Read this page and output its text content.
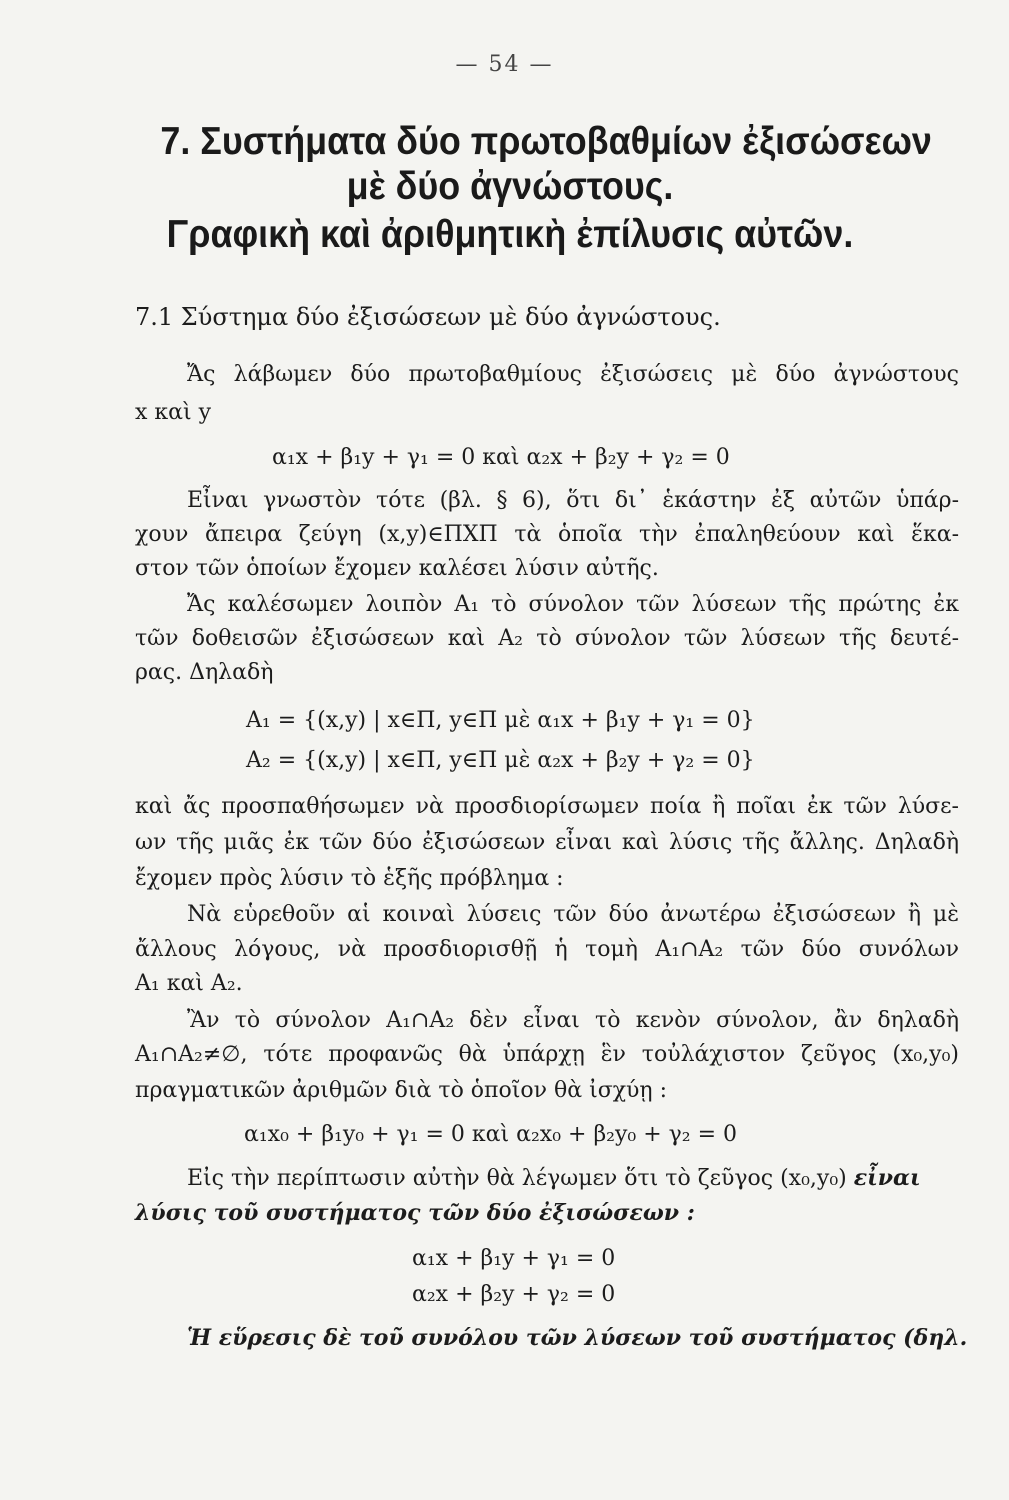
— 54 —
7. Συστήματα δύο πρωτοβαθμίων ἐξισώσεων
μὲ δύο ἀγνώστους.
Γραφικὴ καὶ ἀριθμητικὴ ἐπίλυσις αὐτῶν.
7.1 Σύστημα δύο ἐξισώσεων μὲ δύο ἀγνώστους.
Ἄς λάβωμεν δύο πρωτοβαθμίους ἐξισώσεις μὲ δύο ἀγνώστους
x καὶ y
α₁x + β₁y + γ₁ = 0 καὶ α₂x + β₂y + γ₂ = 0
Εἶναι γνωστὸν τότε (βλ. § 6), ὅτι δι᾿ ἑκάστην ἐξ αὐτῶν ὑπάρ-
χουν ἄπειρα ζεύγη (x,y)∈ΠΧΠ τὰ ὁποῖα τὴν ἐπαληθεύουν καὶ ἕκα-
στον τῶν ὁποίων ἔχομεν καλέσει λύσιν αὐτῆς.
Ἄς καλέσωμεν λοιπὸν A₁ τὸ σύνολον τῶν λύσεων τῆς πρώτης ἐκ
τῶν δοθεισῶν ἐξισώσεων καὶ A₂ τὸ σύνολον τῶν λύσεων τῆς δευτέ-
ρας. Δηλαδὴ
A₁ = {(x,y) | x∈Π, y∈Π μὲ α₁x + β₁y + γ₁ = 0}
A₂ = {(x,y) | x∈Π, y∈Π μὲ α₂x + β₂y + γ₂ = 0}
καὶ ἄς προσπαθήσωμεν νὰ προσδιορίσωμεν ποία ἢ ποῖαι ἐκ τῶν λύσε-
ων τῆς μιᾶς ἐκ τῶν δύο ἐξισώσεων εἶναι καὶ λύσις τῆς ἄλλης. Δηλαδὴ
ἔχομεν πρὸς λύσιν τὸ ἑξῆς πρόβλημα :
Νὰ εὑρεθοῦν αἱ κοιναὶ λύσεις τῶν δύο ἀνωτέρω ἐξισώσεων ἢ μὲ
ἄλλους λόγους, νὰ προσδιορισθῇ ἡ τομὴ A₁∩A₂ τῶν δύο συνόλων
A₁ καὶ A₂.
Ἂν τὸ σύνολον A₁∩A₂ δὲν εἶναι τὸ κενὸν σύνολον, ἂν δηλαδὴ
A₁∩A₂≠∅, τότε προφανῶς θὰ ὑπάρχῃ ἓν τοὐλάχιστον ζεῦγος (x₀,y₀)
πραγματικῶν ἀριθμῶν διὰ τὸ ὁποῖον θὰ ἰσχύῃ :
α₁x₀ + β₁y₀ + γ₁ = 0 καὶ α₂x₀ + β₂y₀ + γ₂ = 0
Εἰς τὴν περίπτωσιν αὐτὴν θὰ λέγωμεν ὅτι τὸ ζεῦγος (x₀,y₀) εἶναι
λύσις τοῦ συστήματος τῶν δύο ἐξισώσεων :
α₁x + β₁y + γ₁ = 0
α₂x + β₂y + γ₂ = 0
Ἡ εὕρεσις δὲ τοῦ συνόλου τῶν λύσεων τοῦ συστήματος (δηλ.
